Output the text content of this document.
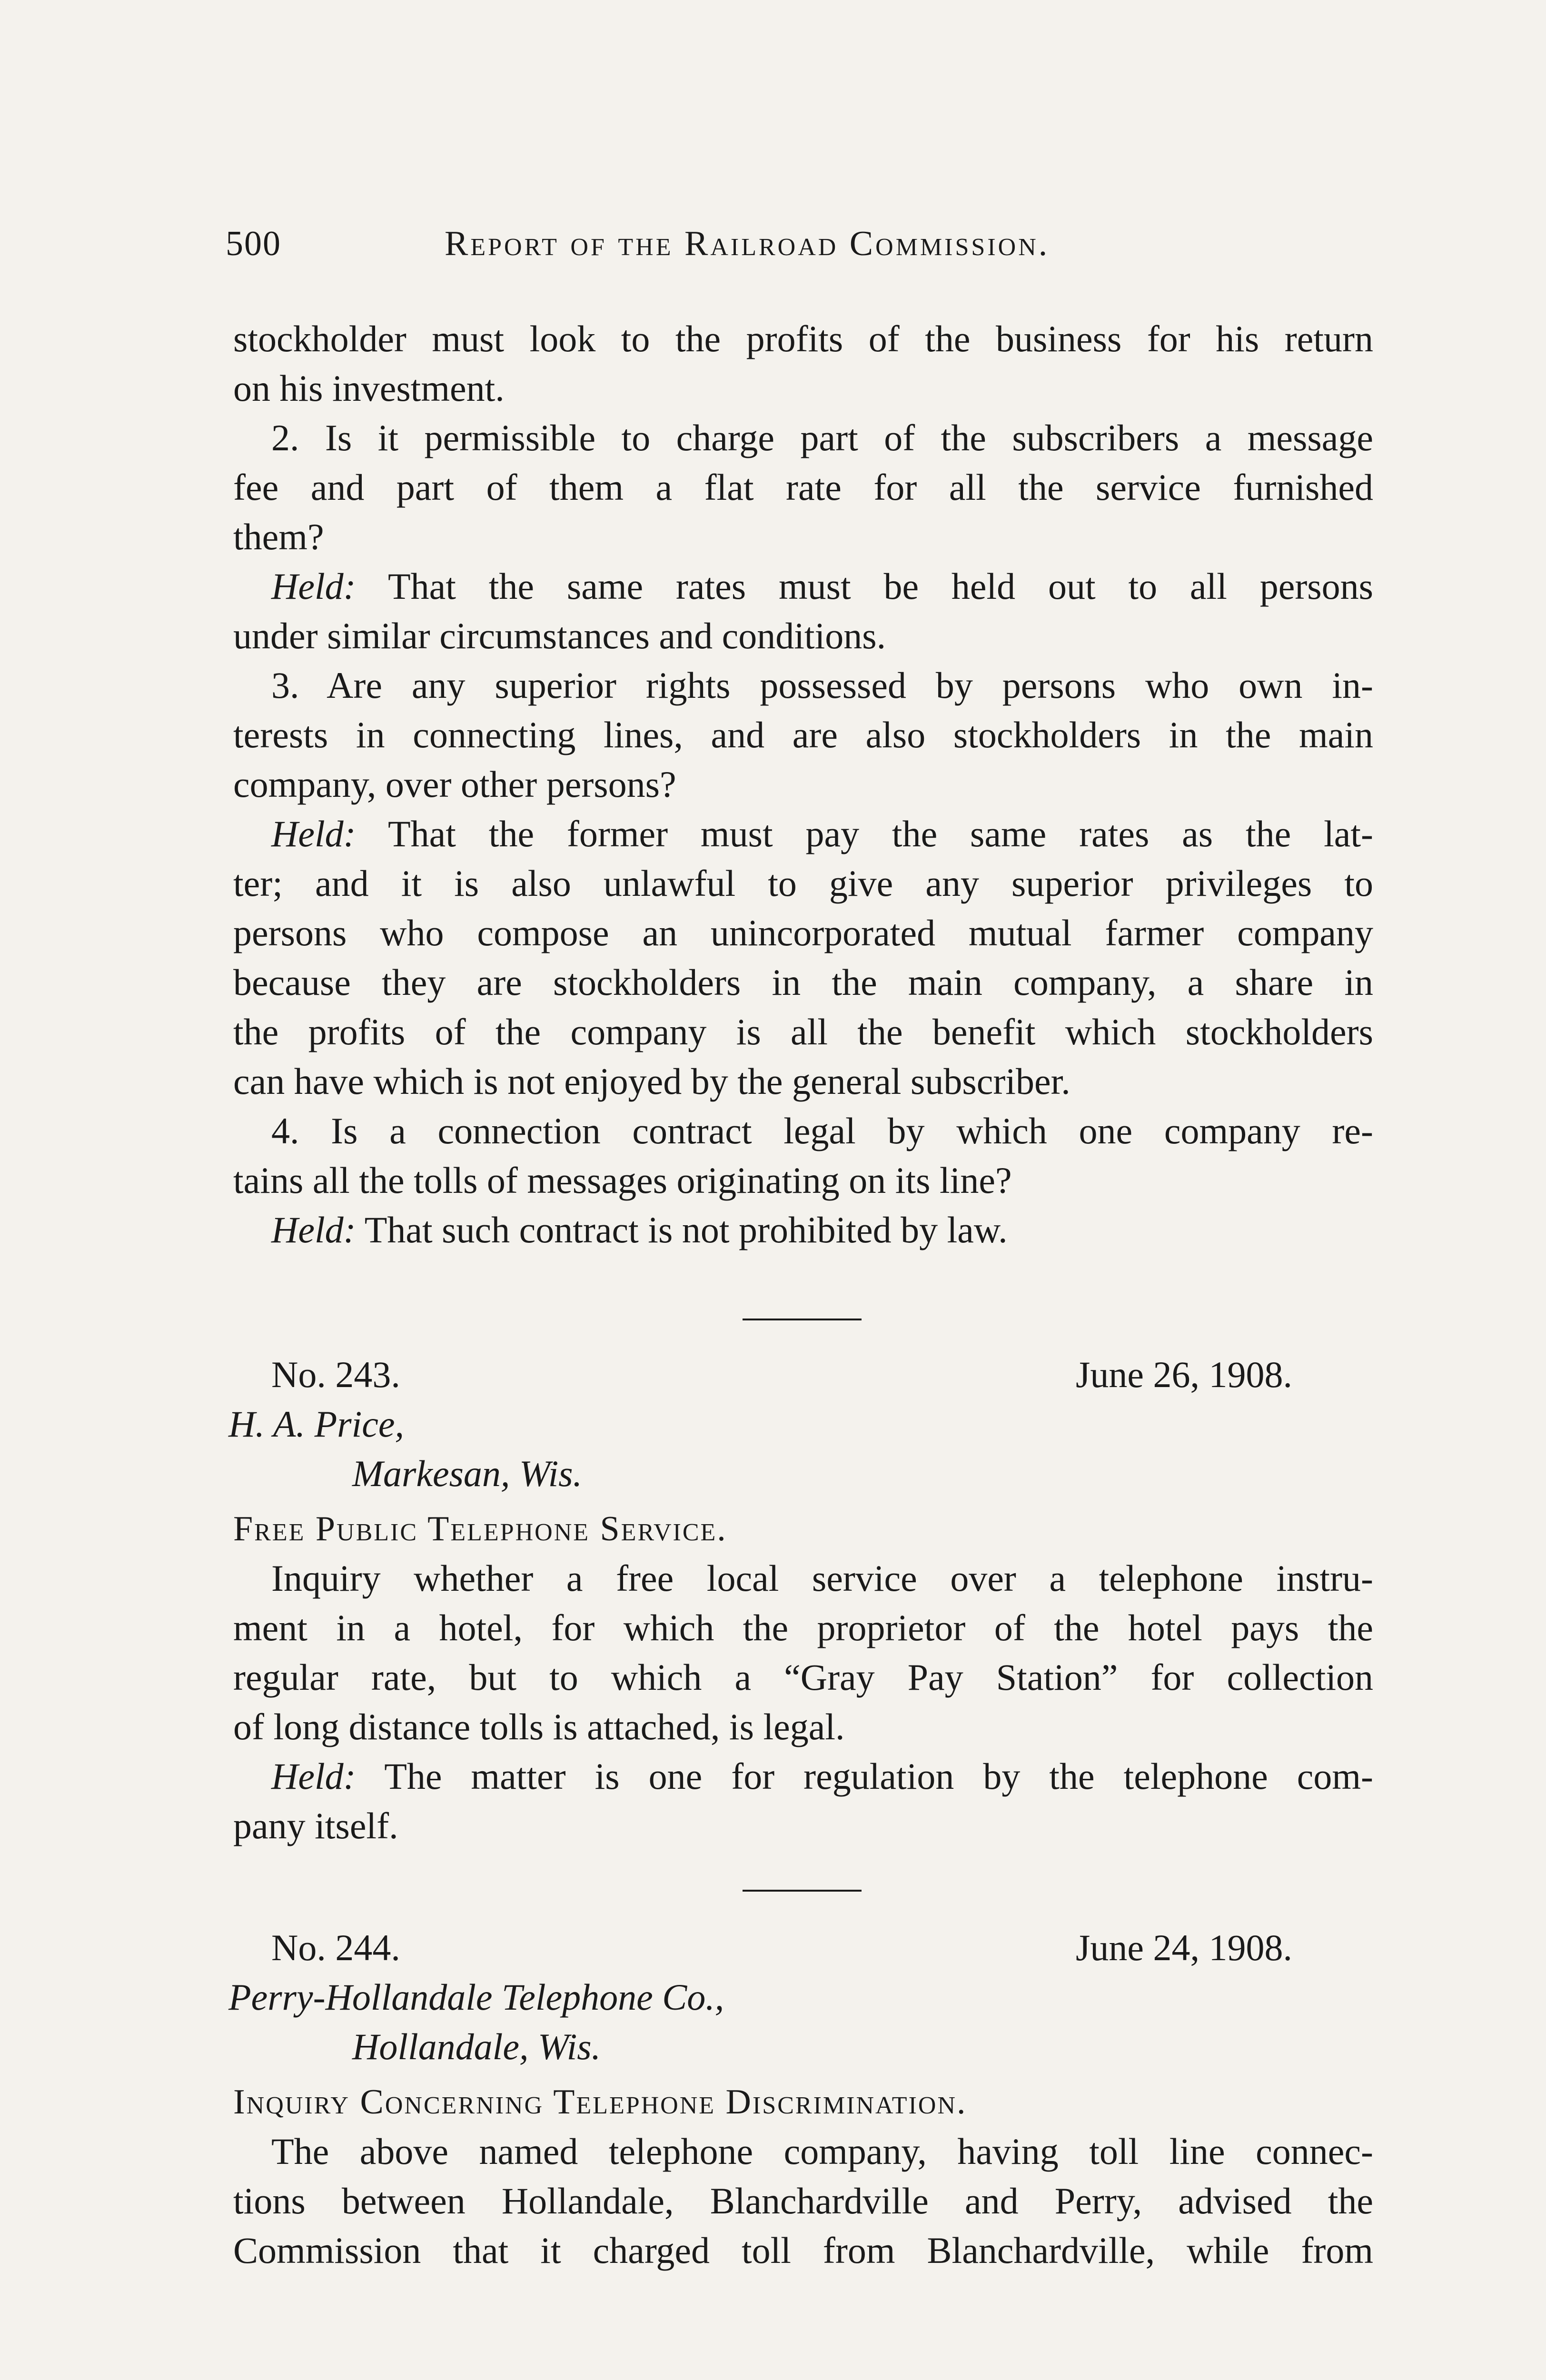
500	Report of the Railroad Commission.
stockholder must look to the profits of the business for his return
on his investment.
2. Is it permissible to charge part of the subscribers a message
fee and part of them a flat rate for all the service furnished
them?
Held: That the same rates must be held out to all persons
under similar circumstances and conditions.
3. Are any superior rights possessed by persons who own in-
terests in connecting lines, and are also stockholders in the main
company, over other persons?
Held: That the former must pay the same rates as the lat-
ter; and it is also unlawful to give any superior privileges to
persons who compose an unincorporated mutual farmer company
because they are stockholders in the main company, a share in
the profits of the company is all the benefit which stockholders
can have which is not enjoyed by the general subscriber.
4. Is a connection contract legal by which one company re-
tains all the tolls of messages originating on its line?
Held: That such contract is not prohibited by law.
No. 243.	June 26, 1908.
H. A. Price,
Markesan, Wis.
Free Public Telephone Service.
Inquiry whether a free local service over a telephone instru-
ment in a hotel, for which the proprietor of the hotel pays the
regular rate, but to which a “Gray Pay Station” for collection
of long distance tolls is attached, is legal.
Held: The matter is one for regulation by the telephone com-
pany itself.
No. 244.	June 24, 1908.
Perry-Hollandale Telephone Co.,
Hollandale, Wis.
Inquiry Concerning Telephone Discrimination.
The above named telephone company, having toll line connec-
tions between Hollandale, Blanchardville and Perry, advised the
Commission that it charged toll from Blanchardville, while from
